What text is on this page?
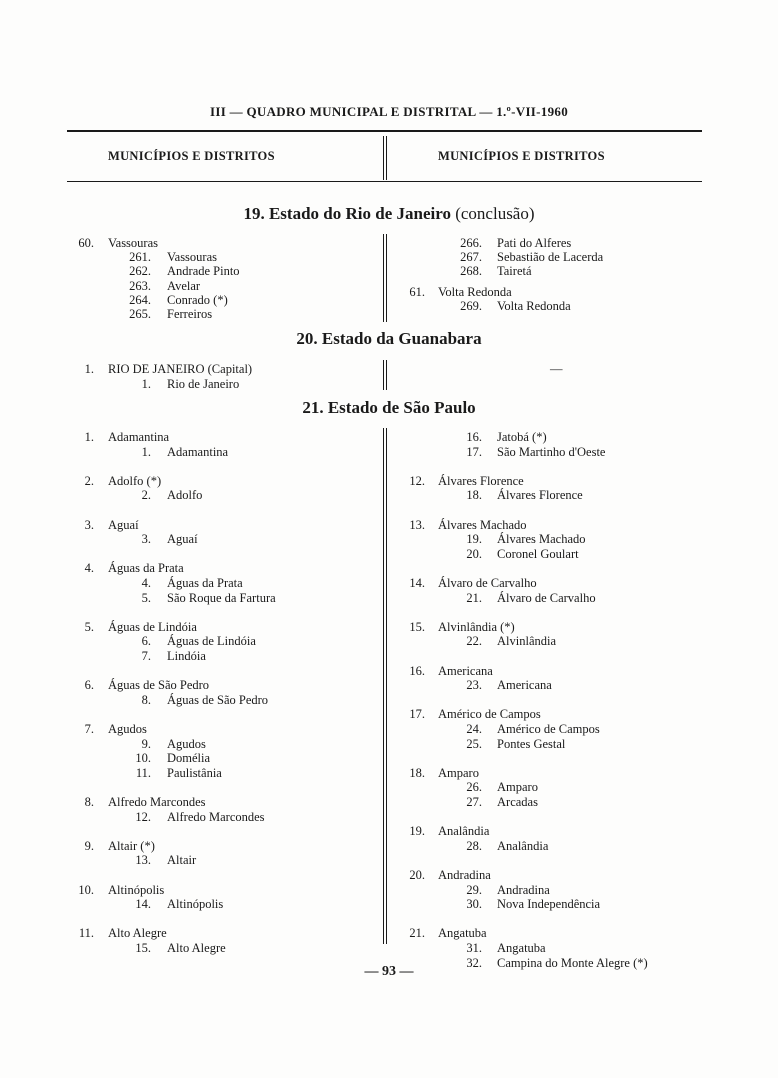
III — QUADRO MUNICIPAL E DISTRITAL — 1.º-VII-1960
MUNICÍPIOS E DISTRITOS	MUNICÍPIOS E DISTRITOS
19. Estado do Rio de Janeiro (conclusão)
60. Vassouras
261. Vassouras
262. Andrade Pinto
263. Avelar
264. Conrado (*)
265. Ferreiros
266. Pati do Alferes
267. Sebastião de Lacerda
268. Tairetá
61. Volta Redonda
269. Volta Redonda
20. Estado da Guanabara
1. RIO DE JANEIRO (Capital)
1. Rio de Janeiro
—
21. Estado de São Paulo
1. Adamantina
1. Adamantina
2. Adolfo (*)
2. Adolfo
3. Aguaí
3. Aguaí
4. Águas da Prata
4. Águas da Prata
5. São Roque da Fartura
5. Águas de Lindóia
6. Águas de Lindóia
7. Lindóia
6. Águas de São Pedro
8. Águas de São Pedro
7. Agudos
9. Agudos
10. Domélia
11. Paulistânia
8. Alfredo Marcondes
12. Alfredo Marcondes
9. Altair (*)
13. Altair
10. Altinópolis
14. Altinópolis
11. Alto Alegre
15. Alto Alegre
16. Jatobá (*)
17. São Martinho d'Oeste
12. Álvares Florence
18. Álvares Florence
13. Álvares Machado
19. Álvares Machado
20. Coronel Goulart
14. Álvaro de Carvalho
21. Álvaro de Carvalho
15. Alvinlândia (*)
22. Alvinlândia
16. Americana
23. Americana
17. Américo de Campos
24. Américo de Campos
25. Pontes Gestal
18. Amparo
26. Amparo
27. Arcadas
19. Analândia
28. Analândia
20. Andradina
29. Andradina
30. Nova Independência
21. Angatuba
31. Angatuba
32. Campina do Monte Alegre (*)
— 93 —
